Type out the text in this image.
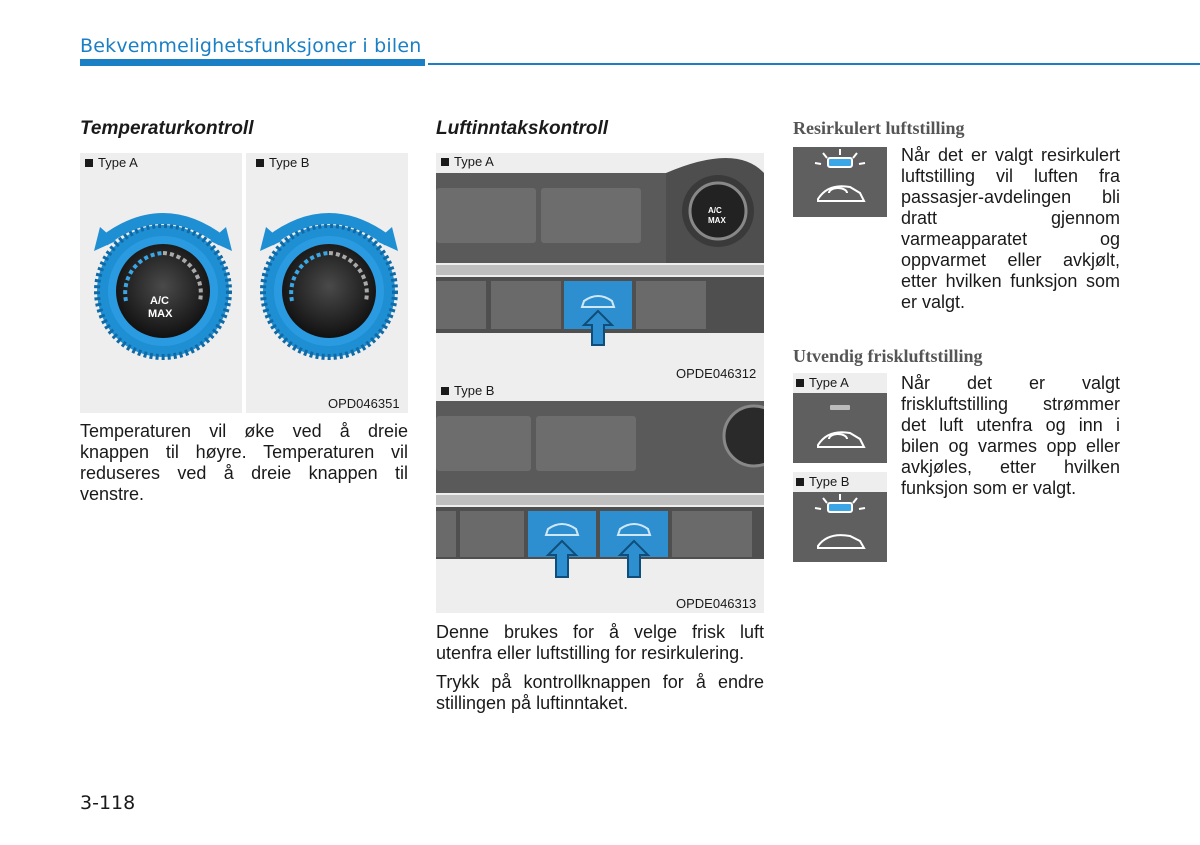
Bekvemmelighetsfunksjoner i bilen
Temperaturkontroll
Type A	Type B
A/C
MAX
OPD046351
Temperaturen vil øke ved å dreie knappen til høyre. Temperaturen vil reduseres ved å dreie knappen til venstre.
Luftinntakskontroll
A/C
MAX
Type A
OPDE046312
Type B
OPDE046313

Denne brukes for å velge frisk luft utenfra eller luftstilling for resirkulering.

Trykk på kontrollknappen for å endre stillingen på luftinntaket.

Resirkulert luftstilling
Når det er valgt resirkulert luftstilling vil luften fra passasjer-avdelingen bli dratt gjennom varmeapparatet og oppvarmet eller avkjølt, etter hvilken funksjon som er valgt.
Utvendig friskluftstilling
Type A
Type B
Når det er valgt friskluftstilling strømmer det luft utenfra og inn i bilen og varmes opp eller avkjøles, etter hvilken funksjon som er valgt.
3-118
